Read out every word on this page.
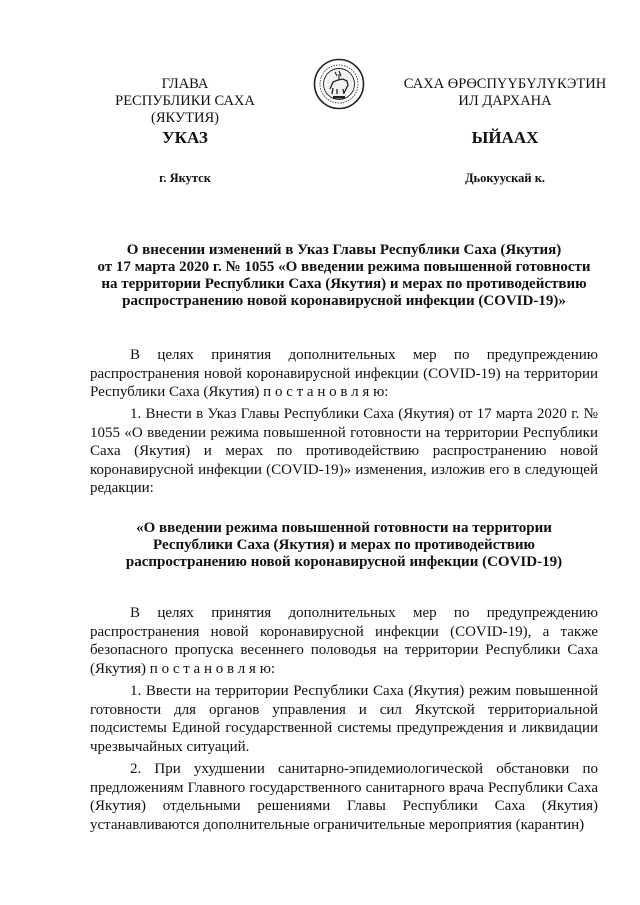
ГЛАВА
РЕСПУБЛИКИ САХА (ЯКУТИЯ)
САХА ӨРӨСПYYБYЛYКЭТИН
ИЛ ДАРХАНА
УКАЗ	ЫЙААХ
г. Якутск	Дьокуускай к.
О внесении изменений в Указ Главы Республики Саха (Якутия)
от 17 марта 2020 г. № 1055 «О введении режима повышенной готовности
на территории Республики Саха (Якутия) и мерах по противодействию
распространению новой коронавирусной инфекции (COVID-19)»
В целях принятия дополнительных мер по предупреждению распространения новой коронавирусной инфекции (COVID-19) на территории Республики Саха (Якутия) п о с т а н о в л я ю:
1. Внести в Указ Главы Республики Саха (Якутия) от 17 марта 2020 г. № 1055 «О введении режима повышенной готовности на территории Республики Саха (Якутия) и мерах по противодействию распространению новой коронавирусной инфекции (COVID-19)» изменения, изложив его в следующей редакции:
«О введении режима повышенной готовности на территории
Республики Саха (Якутия) и мерах по противодействию
распространению новой коронавирусной инфекции (COVID-19)
В целях принятия дополнительных мер по предупреждению распространения новой коронавирусной инфекции (COVID-19), а также безопасного пропуска весеннего половодья на территории Республики Саха (Якутия) п о с т а н о в л я ю:
1. Ввести на территории Республики Саха (Якутия) режим повышенной готовности для органов управления и сил Якутской территориальной подсистемы Единой государственной системы предупреждения и ликвидации чрезвычайных ситуаций.
2. При ухудшении санитарно-эпидемиологической обстановки по предложениям Главного государственного санитарного врача Республики Саха (Якутия) отдельными решениями Главы Республики Саха (Якутия) устанавливаются дополнительные ограничительные мероприятия (карантин)
